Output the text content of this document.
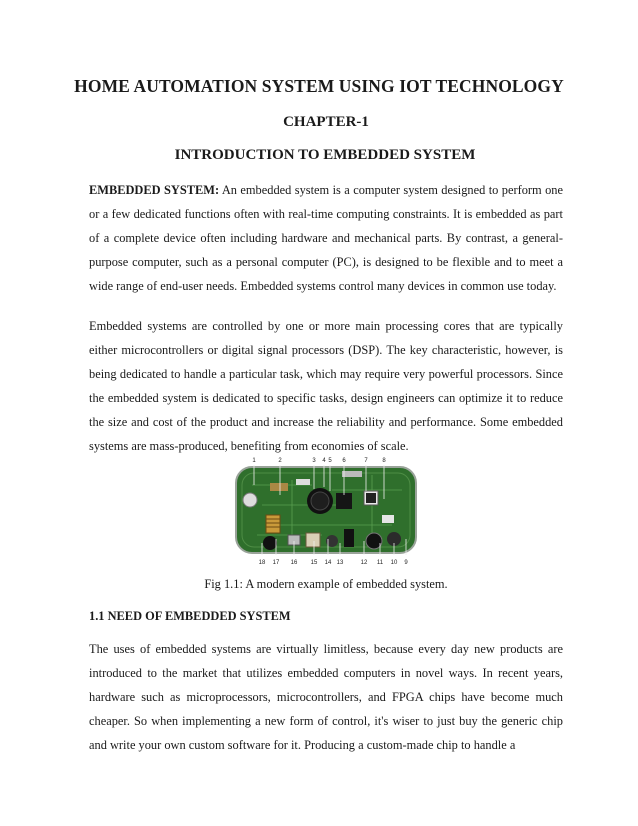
HOME AUTOMATION SYSTEM USING IOT TECHNOLOGY
CHAPTER-1
INTRODUCTION TO EMBEDDED SYSTEM

EMBEDDED SYSTEM: An embedded system is a computer system designed to perform one or a few dedicated functions often with real-time computing constraints. It is embedded as part of a complete device often including hardware and mechanical parts. By contrast, a general-purpose computer, such as a personal computer (PC), is designed to be flexible and to meet a wide range of end-user needs. Embedded systems control many devices in common use today.

Embedded systems are controlled by one or more main processing cores that are typically either microcontrollers or digital signal processors (DSP). The key characteristic, however, is being dedicated to handle a particular task, which may require very powerful processors. Since the embedded system is dedicated to specific tasks, design engineers can optimize it to reduce the size and cost of the product and increase the reliability and performance. Some embedded systems are mass-produced, benefiting from economies of scale.

1	2	3 4 5 6	7 8
18 17 16 15 14 13	12 11 10 9
Fig 1.1: A modern example of embedded system.
1.1 NEED OF EMBEDDED SYSTEM

The uses of embedded systems are virtually limitless, because every day new products are introduced to the market that utilizes embedded computers in novel ways. In recent years, hardware such as microprocessors, microcontrollers, and FPGA chips have become much cheaper. So when implementing a new form of control, it's wiser to just buy the generic chip and write your own custom software for it. Producing a custom-made chip to handle a
